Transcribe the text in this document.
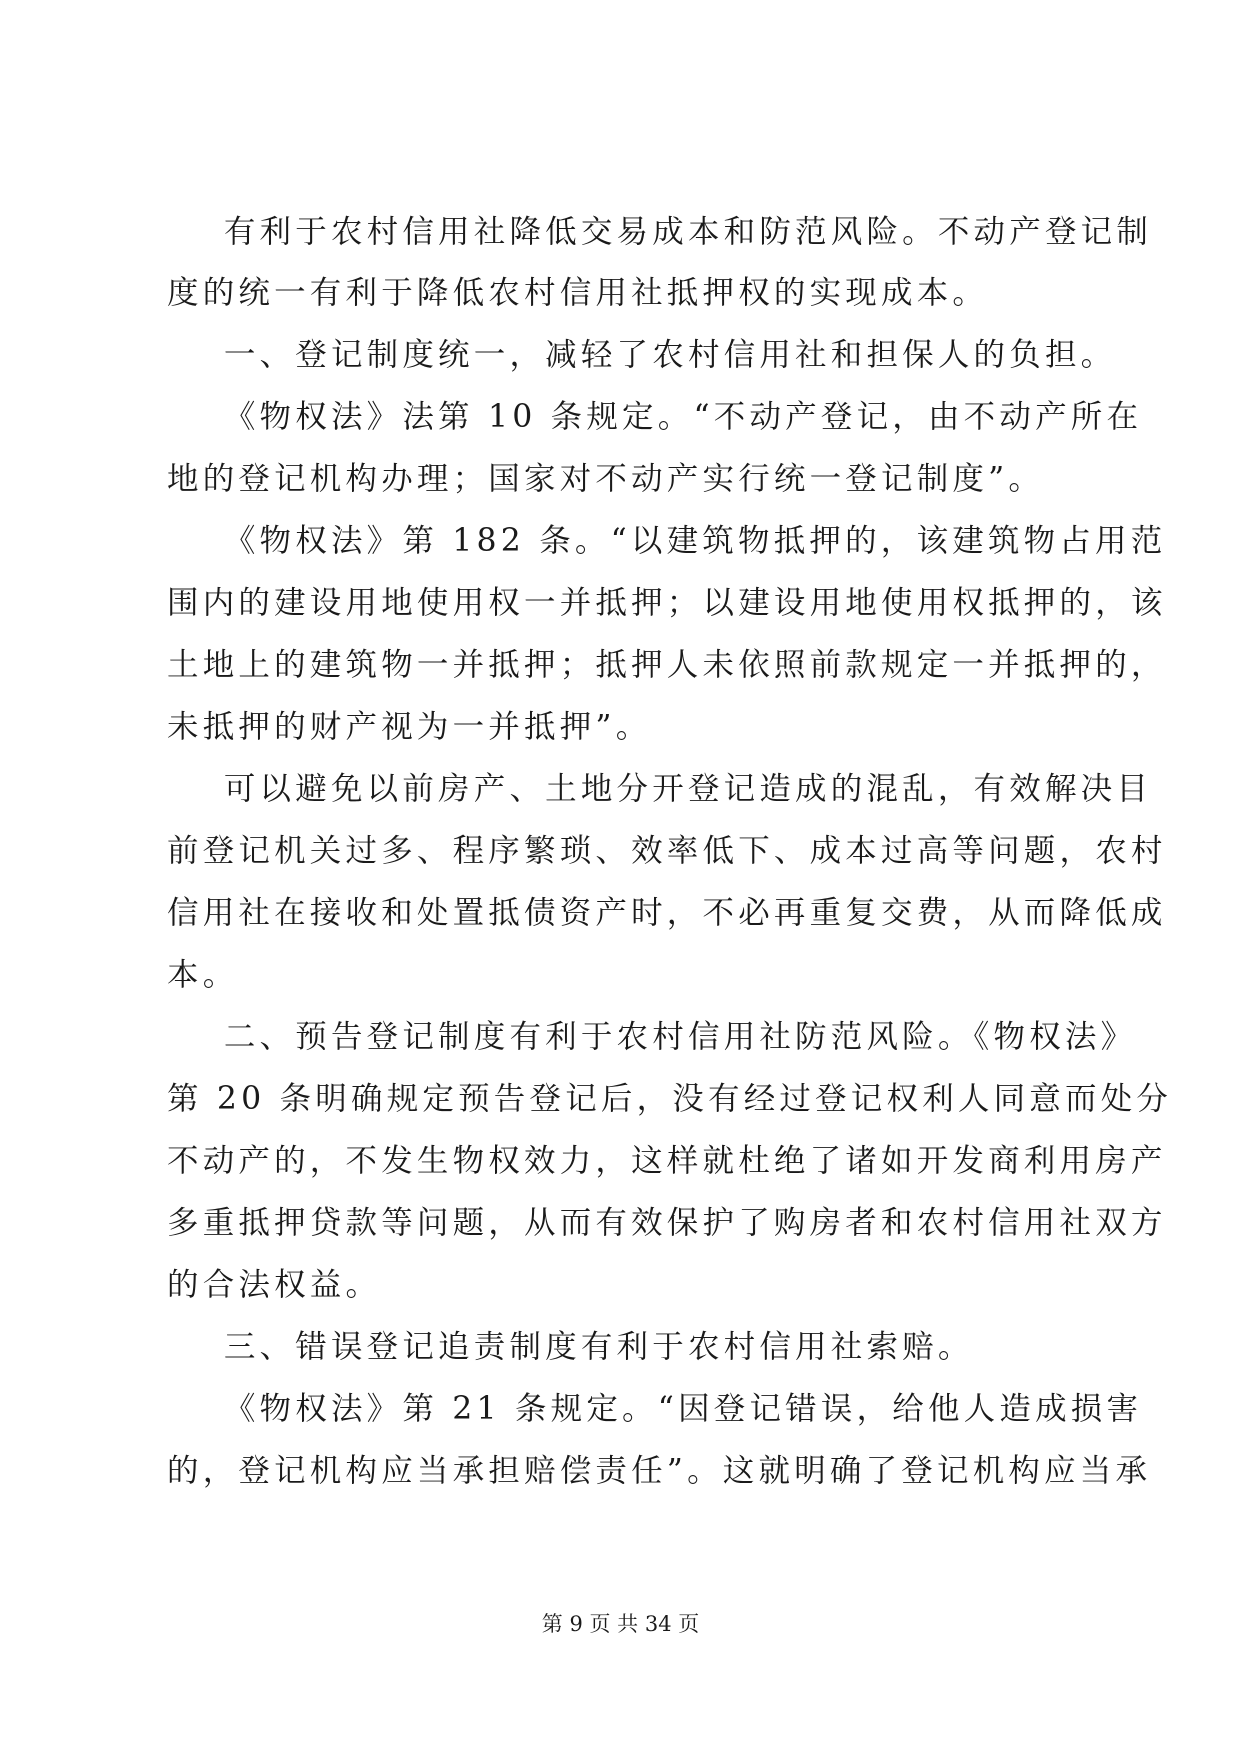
有利于农村信用社降低交易成本和防范风险。不动产登记制
度的统一有利于降低农村信用社抵押权的实现成本。
一、登记制度统一，减轻了农村信用社和担保人的负担。
《物权法》法第 10 条规定。“不动产登记，由不动产所在
地的登记机构办理；国家对不动产实行统一登记制度”。
《物权法》第 182 条。“以建筑物抵押的，该建筑物占用范
围内的建设用地使用权一并抵押；以建设用地使用权抵押的，该
土地上的建筑物一并抵押；抵押人未依照前款规定一并抵押的，
未抵押的财产视为一并抵押”。
可以避免以前房产、土地分开登记造成的混乱，有效解决目
前登记机关过多、程序繁琐、效率低下、成本过高等问题，农村
信用社在接收和处置抵债资产时，不必再重复交费，从而降低成
本。
二、预告登记制度有利于农村信用社防范风险。《物权法》
第 20 条明确规定预告登记后，没有经过登记权利人同意而处分
不动产的，不发生物权效力，这样就杜绝了诸如开发商利用房产
多重抵押贷款等问题，从而有效保护了购房者和农村信用社双方
的合法权益。
三、错误登记追责制度有利于农村信用社索赔。
《物权法》第 21 条规定。“因登记错误，给他人造成损害
的，登记机构应当承担赔偿责任”。这就明确了登记机构应当承
第 9 页 共 34 页
